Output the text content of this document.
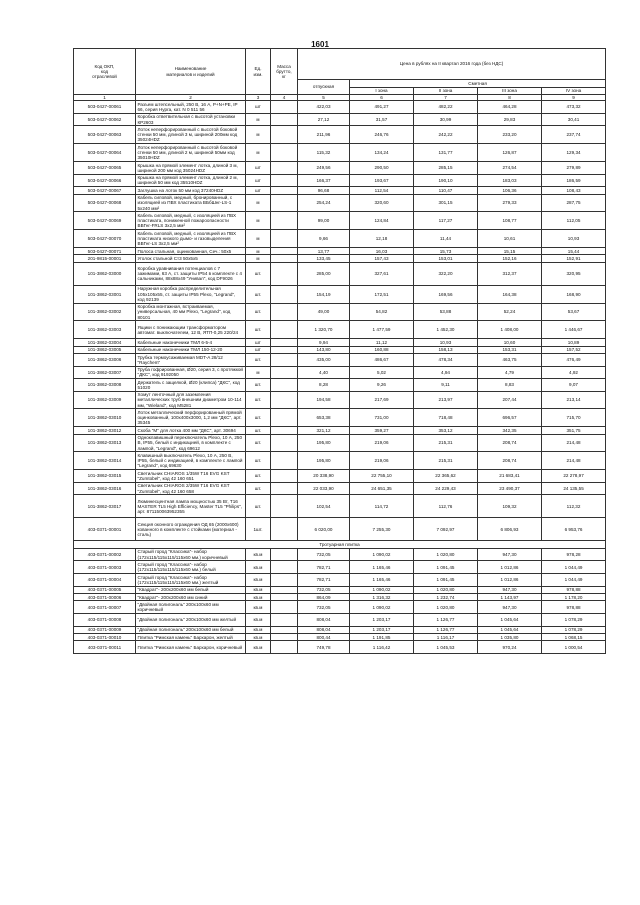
1601
Код ОКП,
код
отраслевой	Наименование
материалов и изделий	Ед.
изм.	Масса
брутто,
кг	Цена в рублях на II квартал 2016 года (без НДС)				
				отпускная	Сметная			
					I зона	II зона	III зона	IV зона
1	2	3	4	5	6	7	8	9
503-0427-00061	Разъем штепсельный, 250 В, 16 А, P+N+PE, IP 66, серия Hypra, кат. N 0 511 56	шт		422,03	491,27	482,22	464,28	473,32
503-0427-00062	Коробка ответвительная с высотой установки КР2603	м		27,12	31,57	30,99	29,83	30,41
503-0427-00063	Лоток неперфорированный с высотой боковой стенки 50 мм, длиной 3 м, шириной 200мм код 35024HDZ	м		211,96	246,76	242,22	233,20	237,74
503-0427-00064	Лоток неперфорированный с высотой боковой стенки 50 мм, длиной 2 м, шириной 50мм код 35010HDZ	м		115,32	134,24	131,77	126,87	129,34
503-0427-00065	Крышка на прямой элемент лотка, длиной 3 м, шириной 200 мм код 35024HDZ	шт		249,56	290,50	285,15	274,54	279,89
503-0427-00066	Крышка на прямой элемент лотка, длиной 2 м, шириной 50 мм код 35510HDZ	шт		166,37	193,67	190,10	183,03	186,59
503-0427-00067	Заглушка на лоток 50 мм код 37240HDZ	шт		96,68	112,54	110,47	106,36	108,43
503-0427-00068	Кабель силовой, медный, бронированный, с изоляцией из ПВХ пластиката ВБбШнг-LS-1 5х240 мм²	м		254,24	320,60	301,15	279,33	287,75
503-0427-00069	Кабель силовой, медный, с изоляцией из ПВХ пластиката, пониженной пожароопасности ВВГнг-FRLS 3х2,5 мм²	м		99,00	124,84	117,27	108,77	112,05
503-0427-00070	Кабель силовой, медный, с изоляцией из ПВХ пластиката низкого дымо- и газовыделения ВВГнг-LS 3х2,5 мм²	м		9,66	12,18	11,44	10,61	10,93
503-0427-00071	Полоса стальная, оцинкованная, Сеч.: 50х5	м		13,77	16,03	15,73	15,15	15,44
201-9815-00001	Уголок стальной Ст3 50х5х5	м		133,45	157,43	153,01	152,16	152,91
101-3862-03000	Коробка уравнивания потенциалов с 7 зажимами, 63 А, ст. защиты IP54 в комплекте с 4 сальниками, 88х88х49 "Унивал", код DF9026	шт.		285,00	327,61	322,20	312,37	320,95
101-3862-03001	Наружная коробка распределительная 105х105х55, ст. защиты IP55 Plexo, "Legrand", код 92139	шт.		154,19	172,51	169,56	164,38	168,90
101-3862-03002	Коробка монтажная, встраиваемая, универсальная, 40 мм Plexo, "Legrand", код 80101	шт.		49,00	54,82	53,88	52,24	53,67
101-3862-03003	Ящики с понижающим трансформатором автомат. выключателем, 12 В, ЯТП-0,25 220/24	шт.		1 320,70	1 477,59	1 452,30	1 408,00	1 446,67
101-3862-03004	Кабельные наконечники ТМЛ 6-5-4	шт		9,94	11,12	10,93	10,60	10,89
101-3862-03005	Кабельные наконечники ТМЛ 150-12-20	шт		143,80	160,88	158,13	153,31	157,52
101-3862-03006	Трубка термоусаживаемая MDT-A 28/12 "Raychem"	шт.		435,00	486,67	478,34	463,75	476,49
101-3862-03007	Труба гофрированная, Ø20, серия 3, с протяжкой "ДКС", код 9192050	м		4,40	5,02	4,94	4,79	4,92
101-3862-03008	Держатель с защелкой, Ø20 (клипса) "ДКС", код 51020	шт.		8,28	9,26	9,11	8,83	9,07
101-3862-03009	Хомут ленточный для заземления металлических труб внешним диаметром 10-114 мм, "Wieland", код M5281	шт.		194,58	217,69	213,97	207,44	213,14
101-3862-03010	Лоток металлический перфорированный прямой оцинкованный, 100х400х3000, 1,2 мм "ДКС", арт. 35345	шт.		653,38	731,00	718,48	696,57	715,70
101-3862-03012	Скоба "М" для лотка 400 мм "ДКС", арт. 30694	шт.		321,12	359,27	353,12	342,35	351,75
101-3862-03013	Одноклавишный переключатель Plexo, 10 А, 250 В, IP55, белый с индикацией, в комплекте с лампой, "Legrand", код 69612	шт.		195,80	219,06	215,31	208,74	214,48
101-3862-03014	Клавишный выключатель Plexo, 10 А, 250 В, IP55, белый с индикацией, в комплекте с лампой "Legrand", код 69630	шт.		195,80	219,06	215,31	208,74	214,48
101-3862-03015	Светильник CHIAROS 1/35W T16 EVG KST "Zumtobel", код 42 160 651	шт.		20 338,90	22 755,10	22 365,62	21 683,41	22 278,97
101-3862-03016	Светильник CHIAROS 2/35W T16 EVG KST "Zumtobel", код 42 160 658	шт.		22 033,90	24 651,35	24 229,43	23 490,37	24 135,55
101-3862-03017	Люминесцентная лампа мощностью 35 Вт, T16 MASTER TL5 High Efficiency, Master TL5 "Philips", арт. 871150063952355	шт.		102,54	114,72	112,76	109,32	112,32
403-0371-00001	Секция оконного ограждения ОД 65 (2000х600) кованного в комплекте с стойками (материал - сталь)	1шт.		6 020,00	7 255,30	7 092,97	6 806,93	6 953,76
Тротуарная плитка								
403-0371-00002	Старый город "Классика"- набор (172х115/115х115/115х60 мм.) коричневый	кв.м		732,05	1 090,02	1 020,80	947,30	978,28
403-0371-00003	Старый город "Классика"- набор (172х115/115х115/115х60 мм.) белый	кв.м		782,71	1 165,46	1 091,45	1 012,86	1 044,49
403-0371-00004	Старый город "Классика"- набор (172х115/115х115/115х60 мм.) желтый	кв.м		782,71	1 165,46	1 091,45	1 012,86	1 044,49
403-0371-00005	"Квадрат"- 200х200х60 мм белый	кв.м		732,05	1 090,02	1 020,80	947,30	978,88
403-0371-00006	"Квадрат"- 200х200х60 мм синий	кв.м		864,09	1 316,32	1 232,74	1 143,97	1 178,20
403-0371-00007	"Двойная полигональ" 200х100х60 мм коричневый	кв.м		732,05	1 090,02	1 020,80	947,30	978,88
403-0371-00008	"Двойная полигональ" 200х100х60 мм желтый	кв.м		808,04	1 203,17	1 126,77	1 045,64	1 078,29
403-0371-00009	"Двойная полигональ" 200х100х60 мм белый	кв.м		808,04	1 203,17	1 126,77	1 045,64	1 078,29
403-0371-00010	Плитка "Римская камень" Бархарон, желтый	кв.м		800,44	1 191,85	1 116,17	1 035,80	1 068,15
403-0371-00011	Плитка "Римская камень" Бархарон, коричневый	кв.м		749,78	1 116,42	1 045,53	970,24	1 000,54
